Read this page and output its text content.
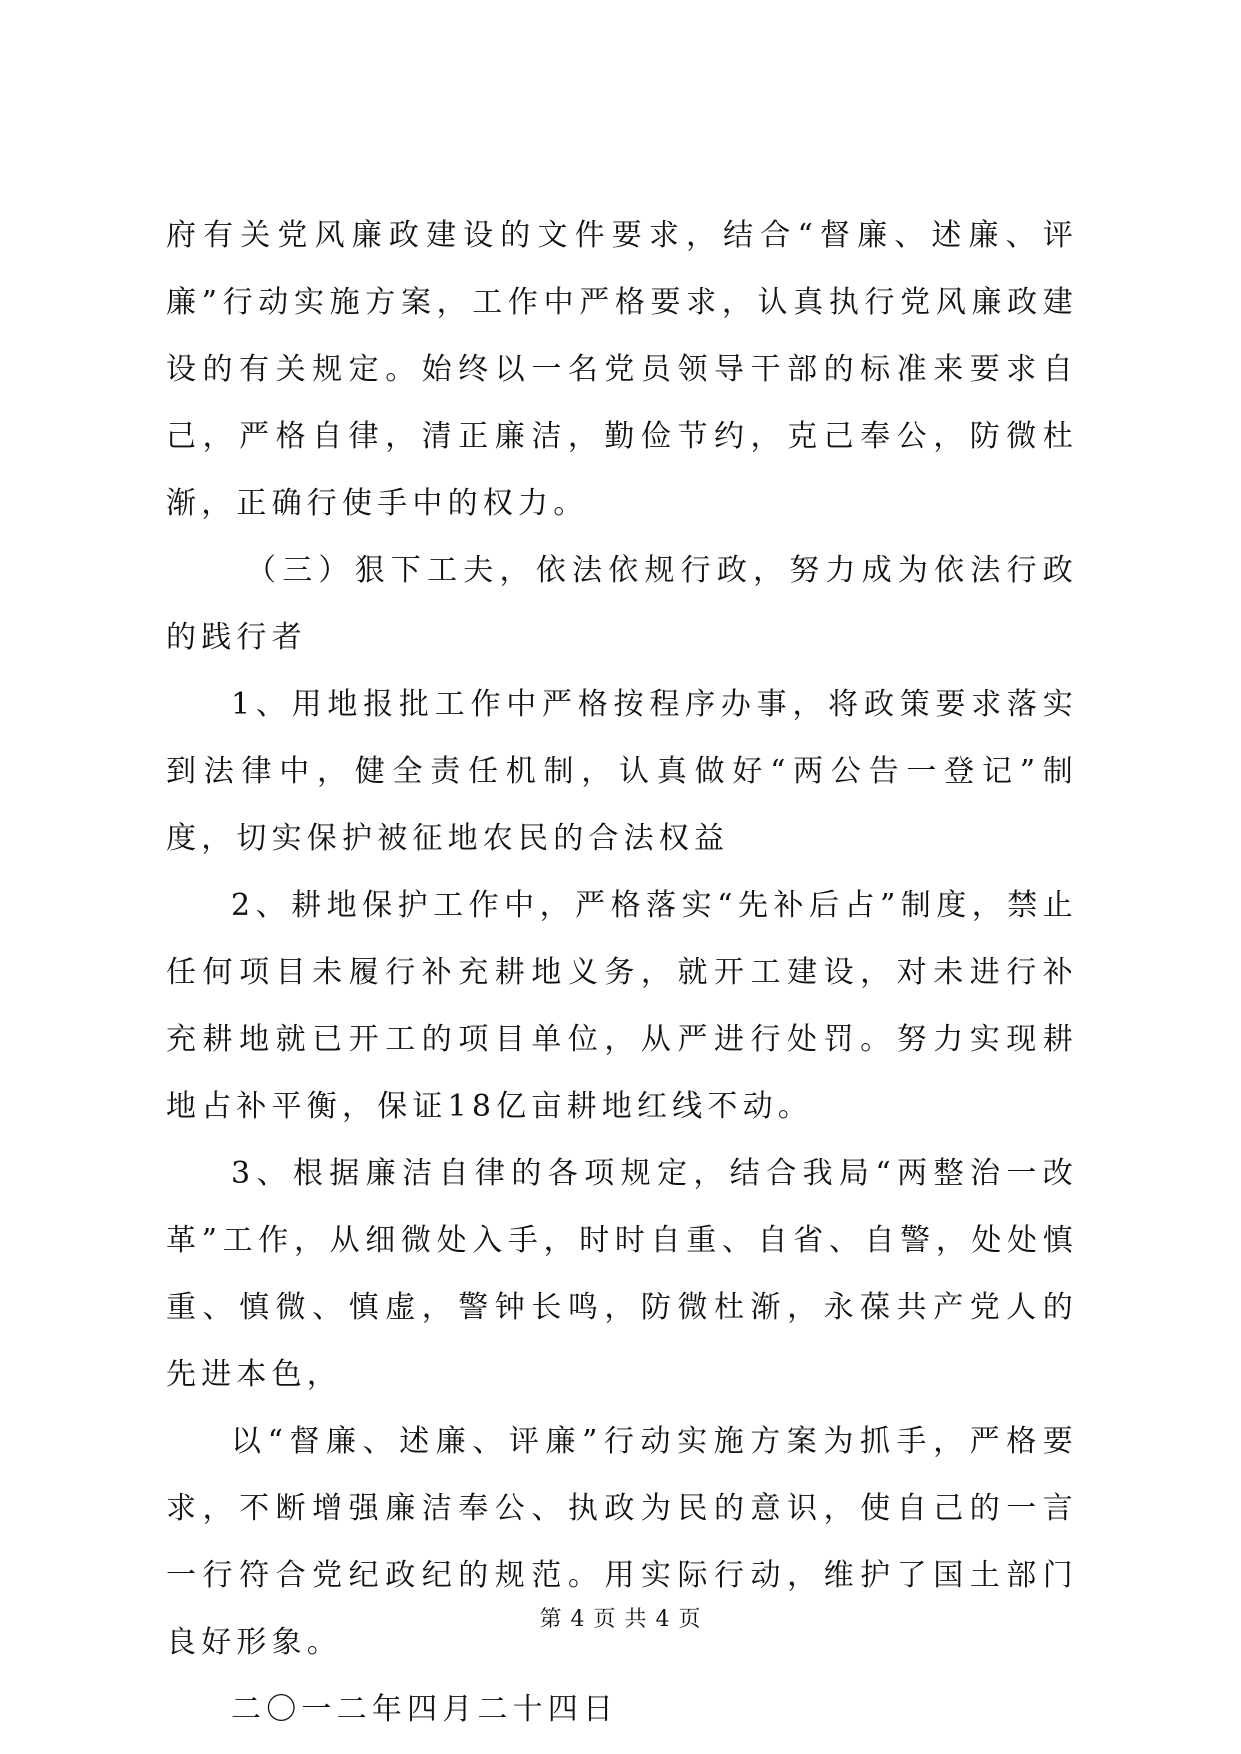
府有关党风廉政建设的文件要求，结合“督廉、述廉、评廉”行动实施方案，工作中严格要求，认真执行党风廉政建设的有关规定。始终以一名党员领导干部的标准来要求自己，严格自律，清正廉洁，勤俭节约，克己奉公，防微杜渐，正确行使手中的权力。

（三）狠下工夫，依法依规行政，努力成为依法行政的践行者

1、用地报批工作中严格按程序办事，将政策要求落实到法律中，健全责任机制，认真做好“两公告一登记”制度，切实保护被征地农民的合法权益

2、耕地保护工作中，严格落实“先补后占”制度，禁止任何项目未履行补充耕地义务，就开工建设，对未进行补充耕地就已开工的项目单位，从严进行处罚。努力实现耕地占补平衡，保证18亿亩耕地红线不动。

3、根据廉洁自律的各项规定，结合我局“两整治一改革”工作，从细微处入手，时时自重、自省、自警，处处慎重、慎微、慎虚，警钟长鸣，防微杜渐，永葆共产党人的先进本色，

以“督廉、述廉、评廉”行动实施方案为抓手，严格要求，不断增强廉洁奉公、执政为民的意识，使自己的一言一行符合党纪政纪的规范。用实际行动，维护了国土部门良好形象。

二〇一二年四月二十四日

第 4 页 共 4 页
